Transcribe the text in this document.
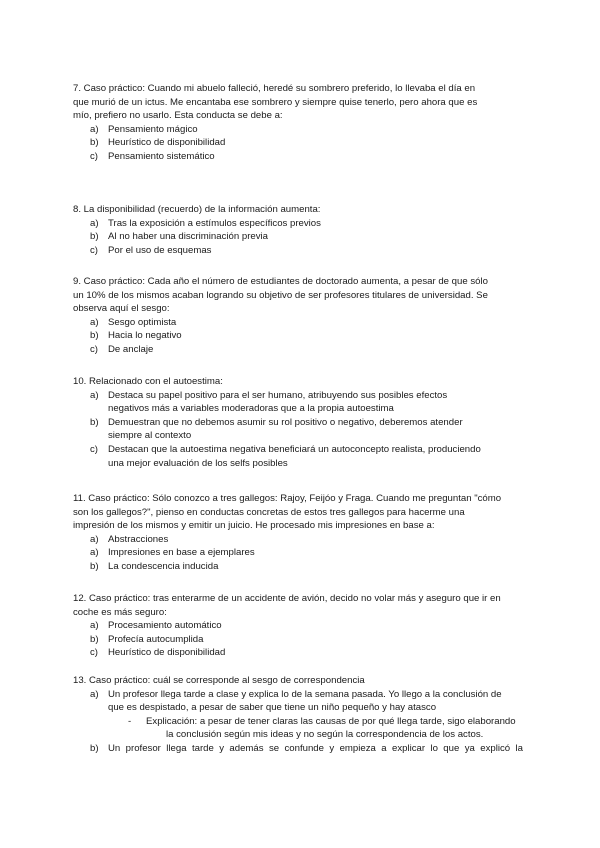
7. Caso práctico: Cuando mi abuelo falleció, heredé su sombrero preferido, lo llevaba el día en

que murió de un ictus. Me encantaba ese sombrero y siempre quise tenerlo, pero ahora que es

mío, prefiero no usarlo. Esta conducta se debe a:

a) Pensamiento mágico
b) Heurístico de disponibilidad
c) Pensamiento sistemático

8. La disponibilidad (recuerdo) de la información aumenta:

a) Tras la exposición a estímulos específicos previos
b) Al no haber una discriminación previa
c) Por el uso de esquemas

9. Caso práctico: Cada año el número de estudiantes de doctorado aumenta, a pesar de que sólo

un 10% de los mismos acaban logrando su objetivo de ser profesores titulares de universidad. Se

observa aquí el sesgo:

a) Sesgo optimista
b) Hacia lo negativo
c) De anclaje

10. Relacionado con el autoestima:

a) Destaca su papel positivo para el ser humano, atribuyendo sus posibles efectos
negativos más a variables moderadoras que a la propia autoestima
b) Demuestran que no debemos asumir su rol positivo o negativo, deberemos atender
siempre al contexto
c) Destacan que la autoestima negativa beneficiará un autoconcepto realista, produciendo
una mejor evaluación de los selfs posibles

11. Caso práctico: Sólo conozco a tres gallegos: Rajoy, Feijóo y Fraga. Cuando me preguntan "cómo

son los gallegos?", pienso en conductas concretas de estos tres gallegos para hacerme una

impresión de los mismos y emitir un juicio. He procesado mis impresiones en base a:

a) Abstracciones
a) Impresiones en base a ejemplares
b) La condescencia inducida

12. Caso práctico: tras enterarme de un accidente de avión, decido no volar más y aseguro que ir en

coche es más seguro:

a) Procesamiento automático
b) Profecía autocumplida
c) Heurístico de disponibilidad

13. Caso práctico: cuál se corresponde al sesgo de correspondencia

a) Un profesor llega tarde a clase y explica lo de la semana pasada. Yo llego a la conclusión de
que es despistado, a pesar de saber que tiene un niño pequeño y hay atasco
- Explicación: a pesar de tener claras las causas de por qué llega tarde, sigo elaborando
la conclusión según mis ideas y no según la correspondencia de los actos.
b) Un profesor llega tarde y además se confunde y empieza a explicar lo que ya explicó la
